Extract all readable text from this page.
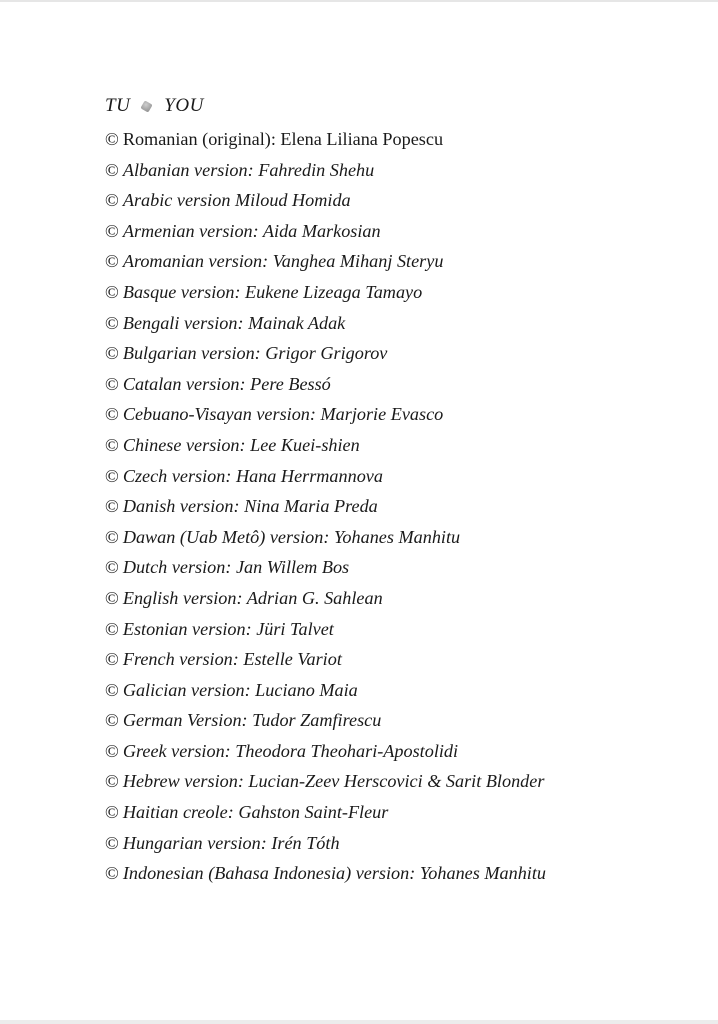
TU YOU
© Romanian (original): Elena Liliana Popescu
© Albanian version: Fahredin Shehu
© Arabic version Miloud Homida
© Armenian version: Aida Markosian
© Aromanian version: Vanghea Mihanj Steryu
© Basque version: Eukene Lizeaga Tamayo
© Bengali version: Mainak Adak
© Bulgarian version: Grigor Grigorov
© Catalan version: Pere Bessó
© Cebuano-Visayan version: Marjorie Evasco
© Chinese version: Lee Kuei-shien
© Czech version: Hana Herrmannova
© Danish version: Nina Maria Preda
© Dawan (Uab Metô) version: Yohanes Manhitu
© Dutch version: Jan Willem Bos
© English version: Adrian G. Sahlean
© Estonian version: Jüri Talvet
© French version: Estelle Variot
© Galician version: Luciano Maia
© German Version: Tudor Zamfirescu
© Greek version: Theodora Theohari-Apostolidi
© Hebrew version: Lucian-Zeev Herscovici & Sarit Blonder
© Haitian creole: Gahston Saint-Fleur
© Hungarian version: Irén Tóth
© Indonesian (Bahasa Indonesia) version: Yohanes Manhitu
